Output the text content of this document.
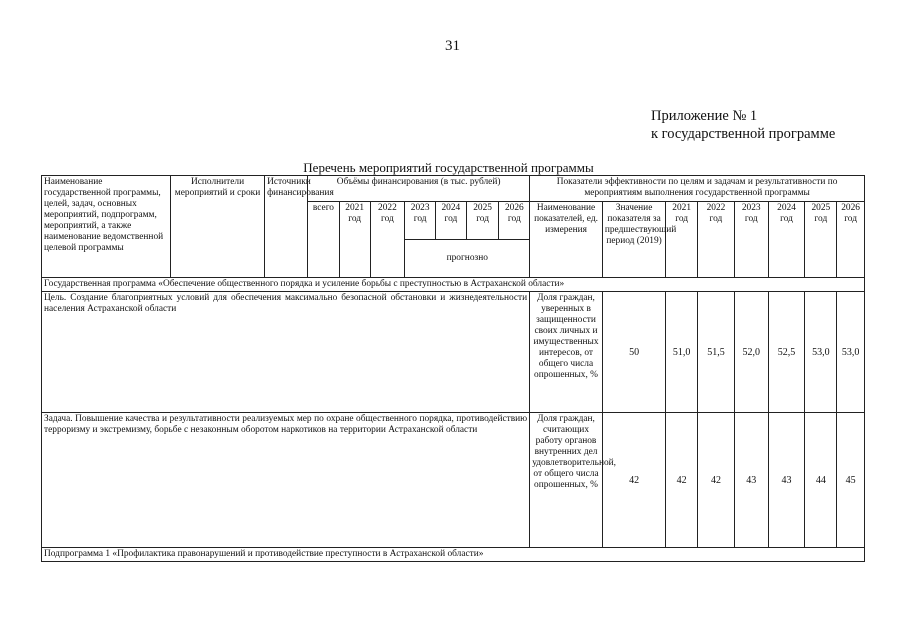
31
Приложение № 1
к государственной программе
Перечень мероприятий государственной программы
Наименование государственной программы, целей, задач, основных мероприятий, подпрограмм, мероприятий, а также наименование ведомственной целевой программы	Исполнители мероприятий и сроки	Источники финансирования	Объёмы финансирования (в тыс. рублей)							Показатели эффективности по целям и задачам и результативности по мероприятиям выполнения государственной программы							
			всего	2021 год	2022 год	2023 год	2024 год	2025 год	2026 год	Наименование показателей, ед. измерения	Значение показателя за предшествующий период (2019)	2021 год	2022 год	2023 год	2024 год	2025 год	2026 год
						прогнозно											
Государственная программа «Обеспечение общественного порядка и усиление борьбы с преступностью в Астраханской области»																	
Цель. Создание благоприятных условий для обеспечения максимально безопасной обстановки и жизнедеятельности населения Астраханской области										Доля граждан, уверенных в защищенности своих личных и имущественных интересов, от общего числа опрошенных, %	50	51,0	51,5	52,0	52,5	53,0	53,0
Задача. Повышение качества и результативности реализуемых мер по охране общественного порядка, противодействию терроризму и экстремизму, борьбе с незаконным оборотом наркотиков на территории Астраханской области										Доля граждан, считающих работу органов внутренних дел удовлетворительной, от общего числа опрошенных, %	42	42	42	43	43	44	45
Подпрограмма 1 «Профилактика правонарушений и противодействие преступности в Астраханской области»																	
